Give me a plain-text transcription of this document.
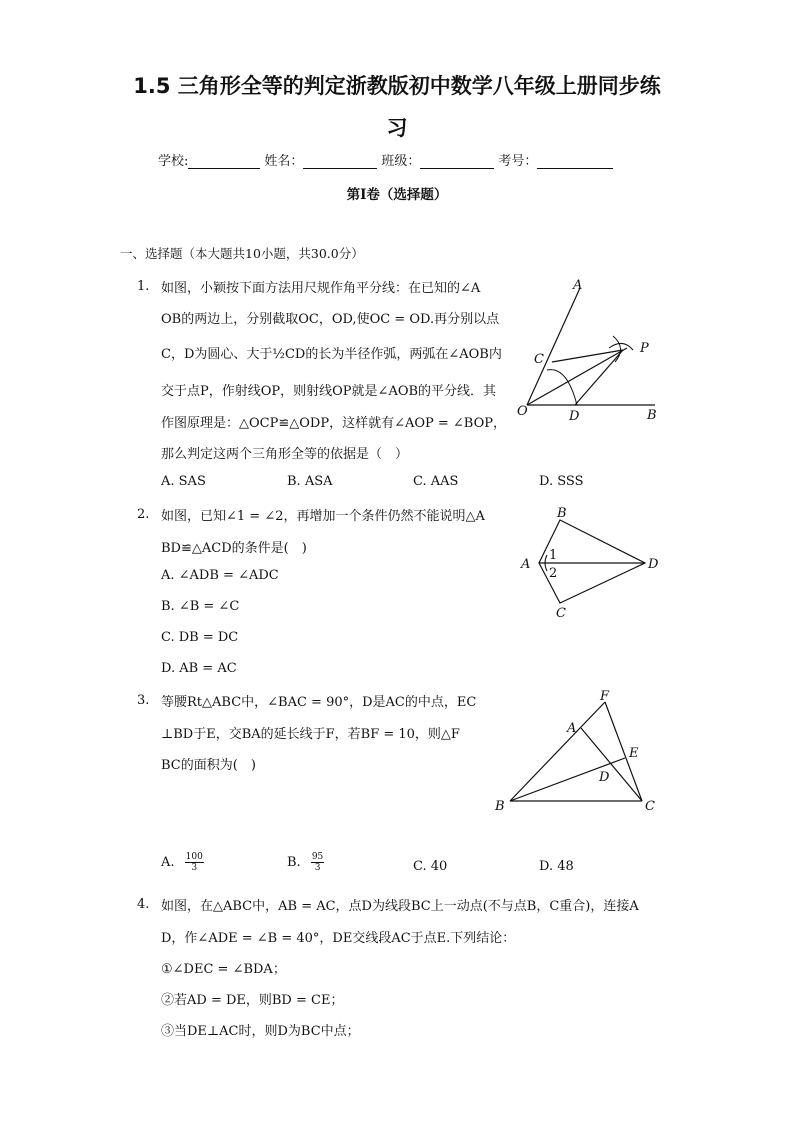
1.5 三角形全等的判定浙教版初中数学八年级上册同步练
习
学校:	姓名：	班级：	考号：
第I卷（选择题）
一、选择题（本大题共10小题，共30.0分）
1. 如图，小颖按下面方法用尺规作角平分线：在已知的∠A
OB的两边上，分别截取OC，OD,使OC = OD.再分别以点
C，D为圆心、大于½CD的长为半径作弧，两弧在∠AOB内
交于点P，作射线OP，则射线OP就是∠AOB的平分线．其
作图原理是：△OCP≌△ODP，这样就有∠AOP = ∠BOP，
那么判定这两个三角形全等的依据是（　）
A. SAS	B. ASA	C. AAS	D. SSS
A
C
P
O	D	B
2. 如图，已知∠1 = ∠2，再增加一个条件仍然不能说明△A
BD≌△ACD的条件是(　)
A. ∠ADB = ∠ADC
B. ∠B = ∠C
C. DB = DC
D. AB = AC
B
A
1
2
D
C
3. 等腰Rt△ABC中，∠BAC = 90°，D是AC的中点，EC
⊥BD于E，交BA的延长线于F，若BF = 10，则△F
BC的面积为(　)
A. $\frac{100}{3}$	B. $\frac{95}{3}$	C. 40	D. 48
F
A
E
D
B	C
4. 如图，在△ABC中，AB = AC，点D为线段BC上一动点(不与点B，C重合)，连接A
D，作∠ADE = ∠B = 40°，DE交线段AC于点E.下列结论：
①∠DEC = ∠BDA；
②若AD = DE，则BD = CE；
③当DE⊥AC时，则D为BC中点；
